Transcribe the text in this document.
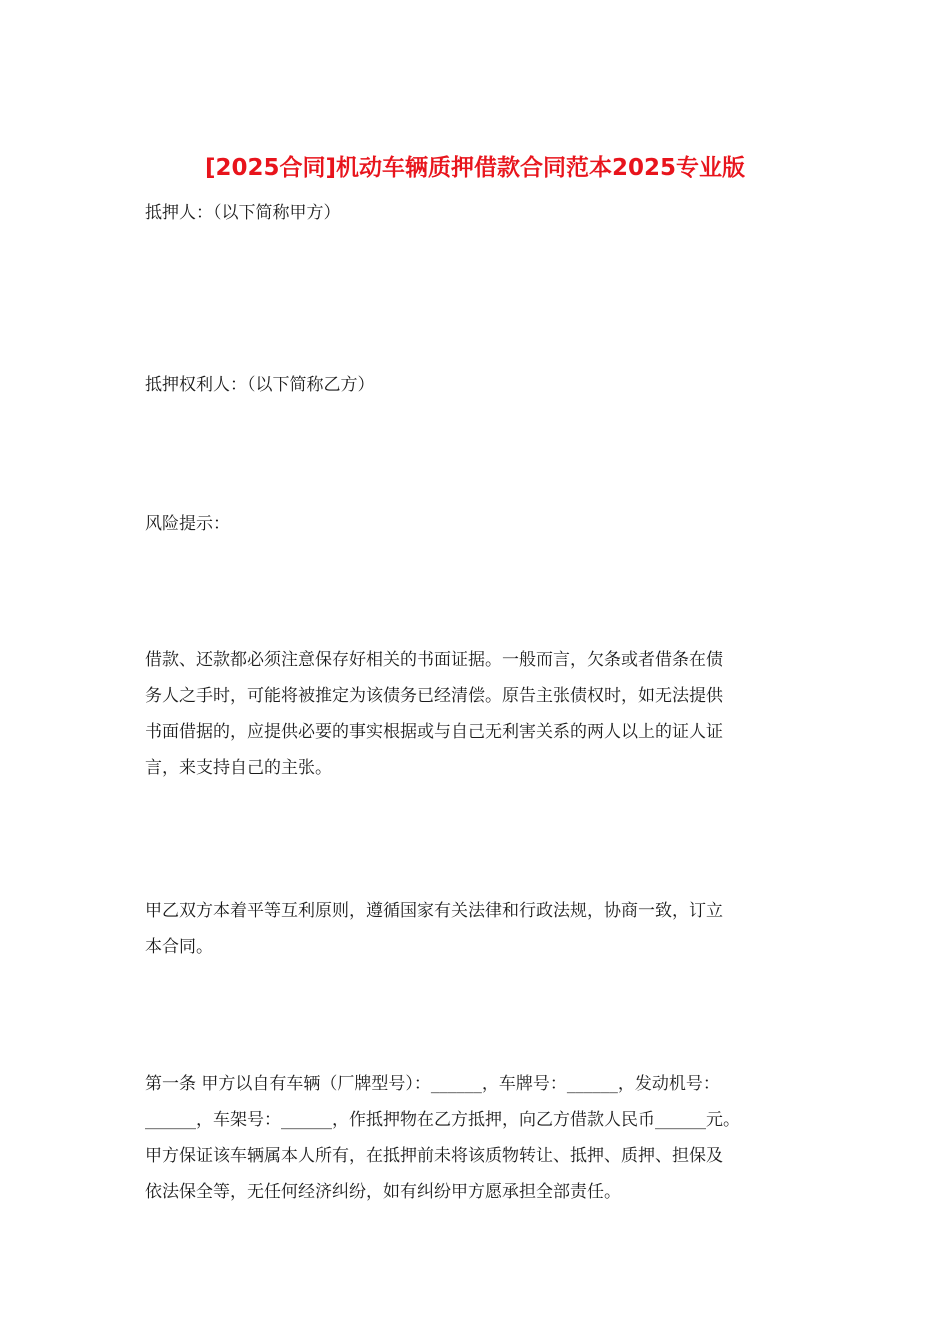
[2025合同]机动车辆质押借款合同范本2025专业版

抵押人：（以下简称甲方）

抵押权利人：（以下简称乙方）

风险提示：

借款、还款都必须注意保存好相关的书面证据。一般而言，欠条或者借条在债
务人之手时，可能将被推定为该债务已经清偿。原告主张债权时，如无法提供
书面借据的，应提供必要的事实根据或与自己无利害关系的两人以上的证人证
言，来支持自己的主张。
甲乙双方本着平等互利原则，遵循国家有关法律和行政法规，协商一致，订立
本合同。
第一条 甲方以自有车辆（厂牌型号）：______，车牌号：______，发动机号：
______，车架号：______，作抵押物在乙方抵押，向乙方借款人民币______元。
甲方保证该车辆属本人所有，在抵押前未将该质物转让、抵押、质押、担保及
依法保全等，无任何经济纠纷，如有纠纷甲方愿承担全部责任。
